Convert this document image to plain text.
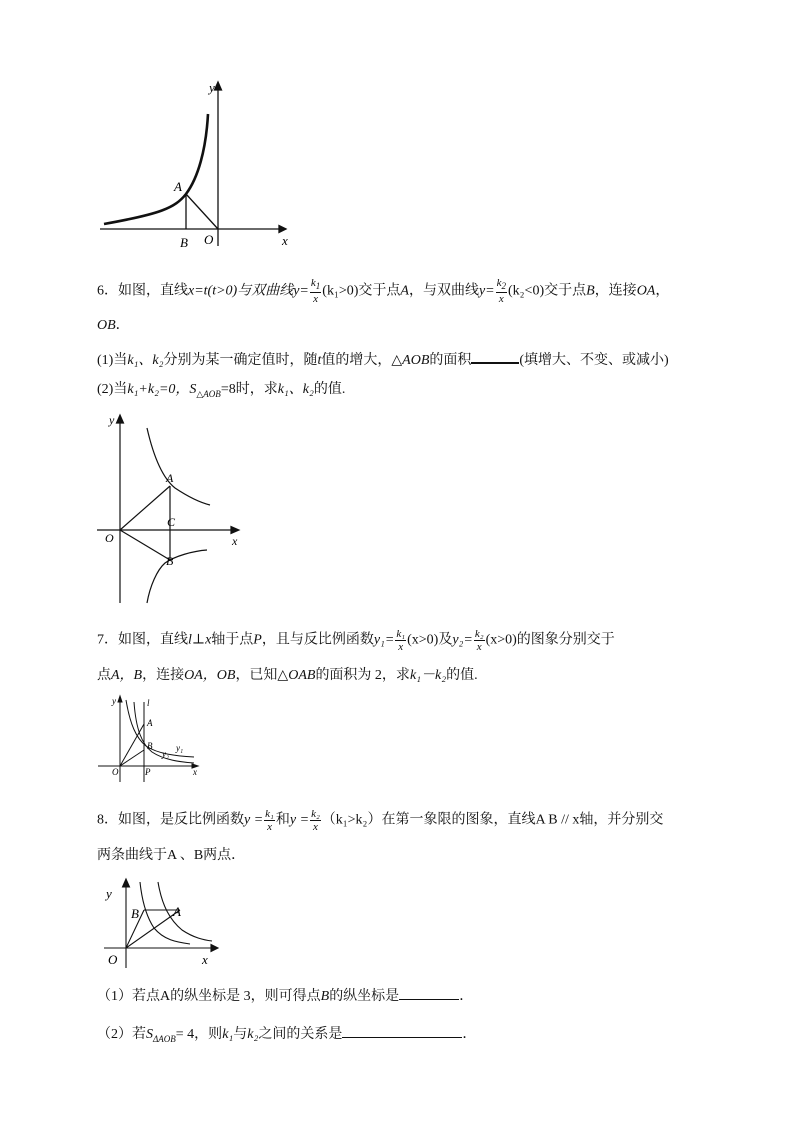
y
x
A
B O
6．如图，直线x=t(t>0)与双曲线$y= \frac{k_1}{x} (k_1>0)$交于点A，与双曲线$y= \frac{k_2}{x} (k_2<0)$交于点B，连接OA，
OB．
(1)当k₁、k₂分别为某一确定值时，随t值的增大，△AOB的面积	(填增大、不变、或减小)
(2)当k₁+k₂=0，$S_{\triangle AOB}=8$时，求k₁、k₂的值.
y
x
A
C
B
O
7．如图，直线l⊥x轴于点P，且与反比例函数$y_1= \frac{\text{k₁}}{x} (x>0)$及$y_2= \frac{\text{k₂}}{x} (x>0)$的图象分别交于
点A，B，连接OA，OB，已知△OAB的面积为 2，求k₁－k₂的值.
y	l
A
B	y₁
y₂
O	P	x
8．如图，是反比例函数$y = \frac{\text{k₁}}{x}$ 和$y = \frac{\text{k₂}}{x} (k_1>k_2)$在第一象限的图象，直线A B // x轴，并分别交
两条曲线于A 、B两点．
y
B	A
O	x
（1）若点A的纵坐标是 3，则可得点B的纵坐标是	．
（2）若$S_{\Delta AOB}= 4$，则k₁与k₂之间的关系是	．
